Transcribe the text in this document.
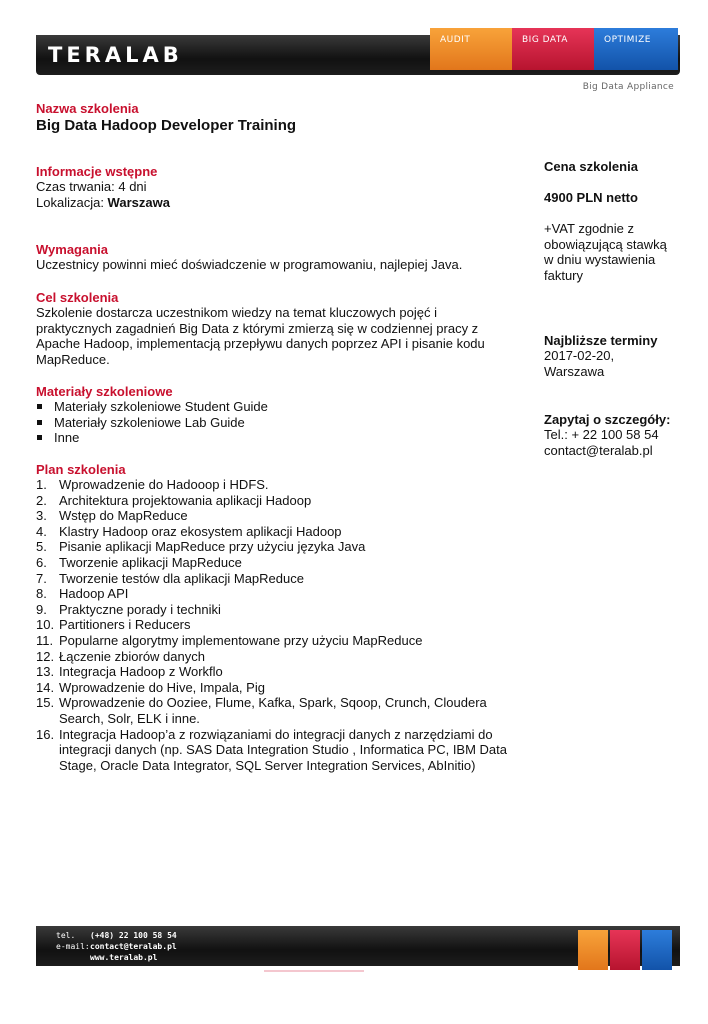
TERALAB
AUDIT	BIG DATA	OPTIMIZE
Big Data Appliance
Nazwa szkolenia
Big Data Hadoop Developer Training
Informacje wstępne
Czas trwania: 4 dni
Lokalizacja: Warszawa
Wymagania
Uczestnicy powinni mieć doświadczenie w programowaniu, najlepiej Java.
Cel szkolenia
Szkolenie dostarcza uczestnikom wiedzy na temat kluczowych pojęć i
praktycznych zagadnień Big Data z którymi zmierzą się w codziennej pracy z
Apache Hadoop, implementacją przepływu danych poprzez API i pisanie kodu
MapReduce.
Materiały szkoleniowe
Materiały szkoleniowe Student Guide
Materiały szkoleniowe Lab Guide
Inne
Plan szkolenia
1. Wprowadzenie do Hadooop i HDFS.
2. Architektura projektowania aplikacji Hadoop
3. Wstęp do MapReduce
4. Klastry Hadoop oraz ekosystem aplikacji Hadoop
5. Pisanie aplikacji MapReduce przy użyciu języka Java
6. Tworzenie aplikacji MapReduce
7. Tworzenie testów dla aplikacji MapReduce
8. Hadoop API
9. Praktyczne porady i techniki
10. Partitioners i Reducers
11. Popularne algorytmy implementowane przy użyciu MapReduce
12. Łączenie zbiorów danych
13. Integracja Hadoop z Workflo
14. Wprowadzenie do Hive, Impala, Pig
15. Wprowadzenie do Ooziee, Flume, Kafka, Spark, Sqoop, Crunch, Cloudera
Search, Solr, ELK i inne.
16. Integracja Hadoop’a z rozwiązaniami do integracji danych z narzędziami do
integracji danych (np. SAS Data Integration Studio , Informatica PC, IBM Data
Stage, Oracle Data Integrator, SQL Server Integration Services, AbInitio)
Cena szkolenia
4900 PLN netto
+VAT zgodnie z
obowiązującą stawką
w dniu wystawienia
faktury
Najbliższe terminy
2017-02-20,
Warszawa
Zapytaj o szczegóły:
Tel.: + 22 100 58 54
contact@teralab.pl
tel. (+48) 22 100 58 54
e-mail:contact@teralab.pl
www.teralab.pl
